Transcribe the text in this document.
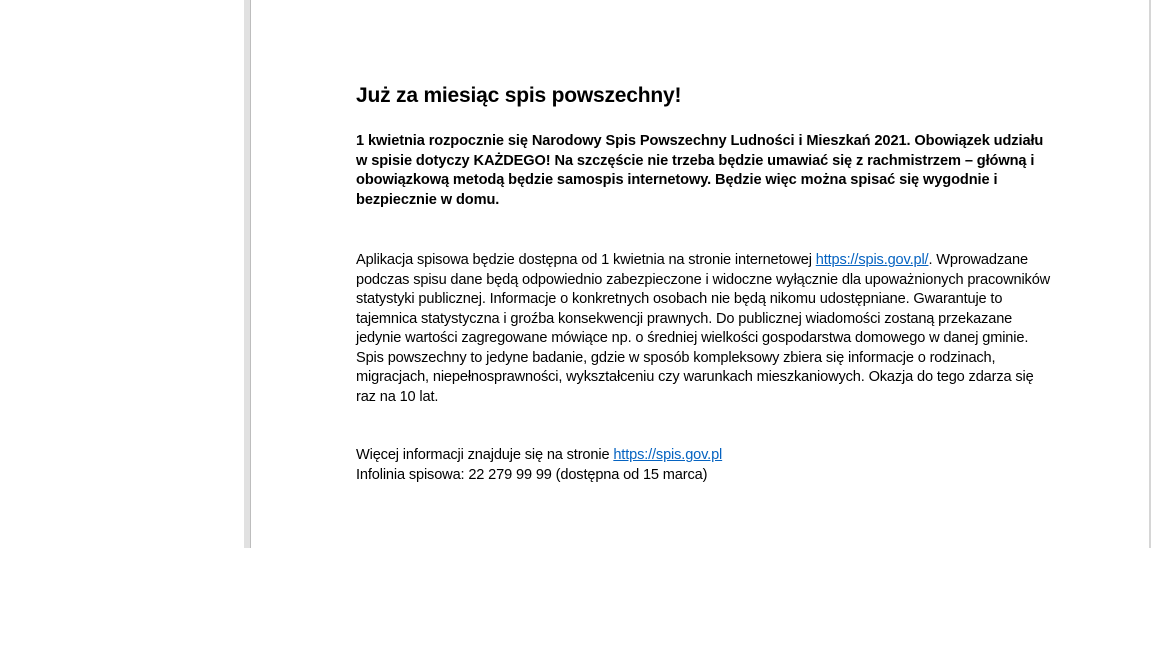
Już za miesiąc spis powszechny!

1 kwietnia rozpocznie się Narodowy Spis Powszechny Ludności i Mieszkań 2021. Obowiązek udziału w spisie dotyczy KAŻDEGO! Na szczęście nie trzeba będzie umawiać się z rachmistrzem – główną i obowiązkową metodą będzie samospis internetowy. Będzie więc można spisać się wygodnie i bezpiecznie w domu.

Aplikacja spisowa będzie dostępna od 1 kwietnia na stronie internetowej https://spis.gov.pl/. Wprowadzane podczas spisu dane będą odpowiednio zabezpieczone i widoczne wyłącznie dla upoważnionych pracowników statystyki publicznej. Informacje o konkretnych osobach nie będą nikomu udostępniane. Gwarantuje to tajemnica statystyczna i groźba konsekwencji prawnych. Do publicznej wiadomości zostaną przekazane jedynie wartości zagregowane mówiące np. o średniej wielkości gospodarstwa domowego w danej gminie.

Spis powszechny to jedyne badanie, gdzie w sposób kompleksowy zbiera się informacje o rodzinach, migracjach, niepełnosprawności, wykształceniu czy warunkach mieszkaniowych. Okazja do tego zdarza się raz na 10 lat.

Więcej informacji znajduje się na stronie https://spis.gov.pl

Infolinia spisowa: 22 279 99 99 (dostępna od 15 marca)
